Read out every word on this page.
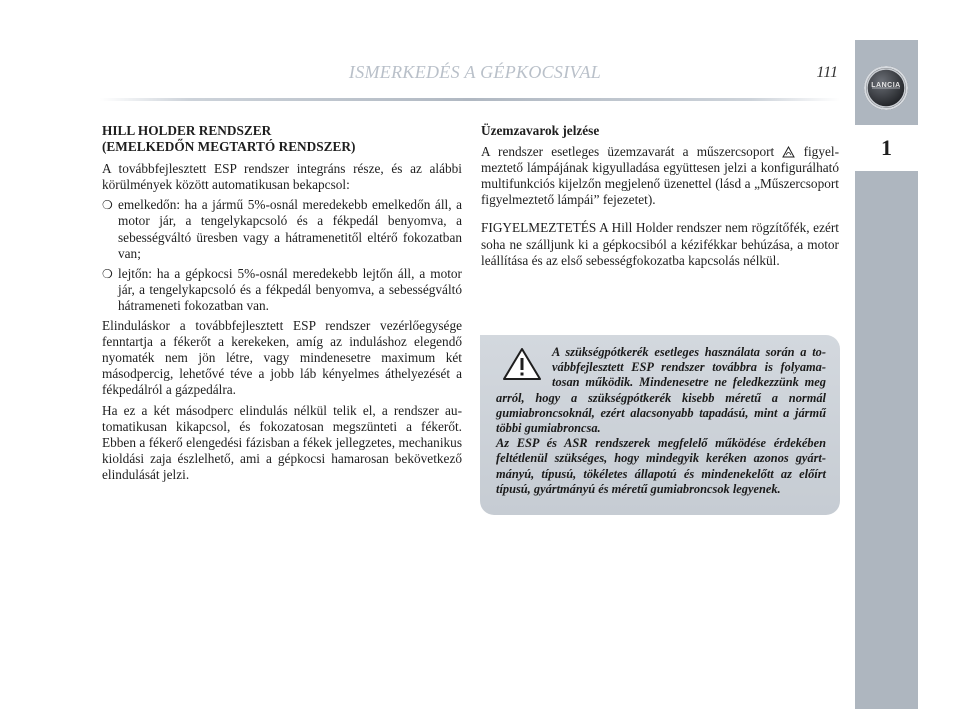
ISMERKEDÉS A GÉPKOCSIVAL	111
LANCIA
1
HILL HOLDER RENDSZER
(EMELKEDŐN MEGTARTÓ RENDSZER)

A továbbfejlesztett ESP rendszer integráns része, és az alábbi körülmények között automatikusan bekapcsol:

❍ emelkedőn: ha a jármű 5%-osnál meredekebb emelkedőn áll, a motor jár, a tengelykapcsoló és a fékpedál benyomva, a sebességváltó üresben vagy a hátramenetitől eltérő fokozatban van;
❍ lejtőn: ha a gépkocsi 5%-osnál meredekebb lejtőn áll, a motor jár, a tengelykapcsoló és a fékpedál benyomva, a sebességváltó hátrameneti fokozatban van.

Elinduláskor a továbbfejlesztett ESP rendszer vezérlőegysége fenntartja a fékerőt a kerekeken, amíg az induláshoz elegendő nyomaték nem jön létre, vagy mindenesetre maximum két másodpercig, lehetővé téve a jobb láb kényelmes áthelyezését a fékpedálról a gázpedálra.

Ha ez a két másodperc elindulás nélkül telik el, a rendszer automatikusan kikapcsol, és fokozatosan megszünteti a fékerőt. Ebben a fékerő elengedési fázisban a fékek jellegzetes, mechanikus kioldási zaja észlelhető, ami a gépkocsi hamarosan bekövetkező elindulását jelzi.

Üzemzavarok jelzése

A rendszer esetleges üzemzavarát a műszercsoport figyelmeztető lámpájának kigyulladása együttesen jelzi a konfigurálható multifunkciós kijelzőn megjelenő üzenettel (lásd a „Műszercsoport figyelmeztető lámpái” fejezetet).

FIGYELMEZTETÉS A Hill Holder rendszer nem rögzítőfék, ezért soha ne szálljunk ki a gépkocsiból a kézifékkar behúzása, a motor leállítása és az első sebességfokozatba kapcsolás nélkül.

A szükségpótkerék esetleges használata során a továbbfejlesztett ESP rendszer továbbra is folyamatosan működik. Mindenesetre ne feledkezzünk meg arról, hogy a szükségpótkerék kisebb méretű a normál gumiabroncsoknál, ezért alacsonyabb tapadású, mint a jármű többi gumiabroncsa.

Az ESP és ASR rendszerek megfelelő működése érdekében feltétlenül szükséges, hogy mindegyik keréken azonos gyártmányú, típusú, tökéletes állapotú és mindenekelőtt az előírt típusú, gyártmányú és méretű gumiabroncsok legyenek.
